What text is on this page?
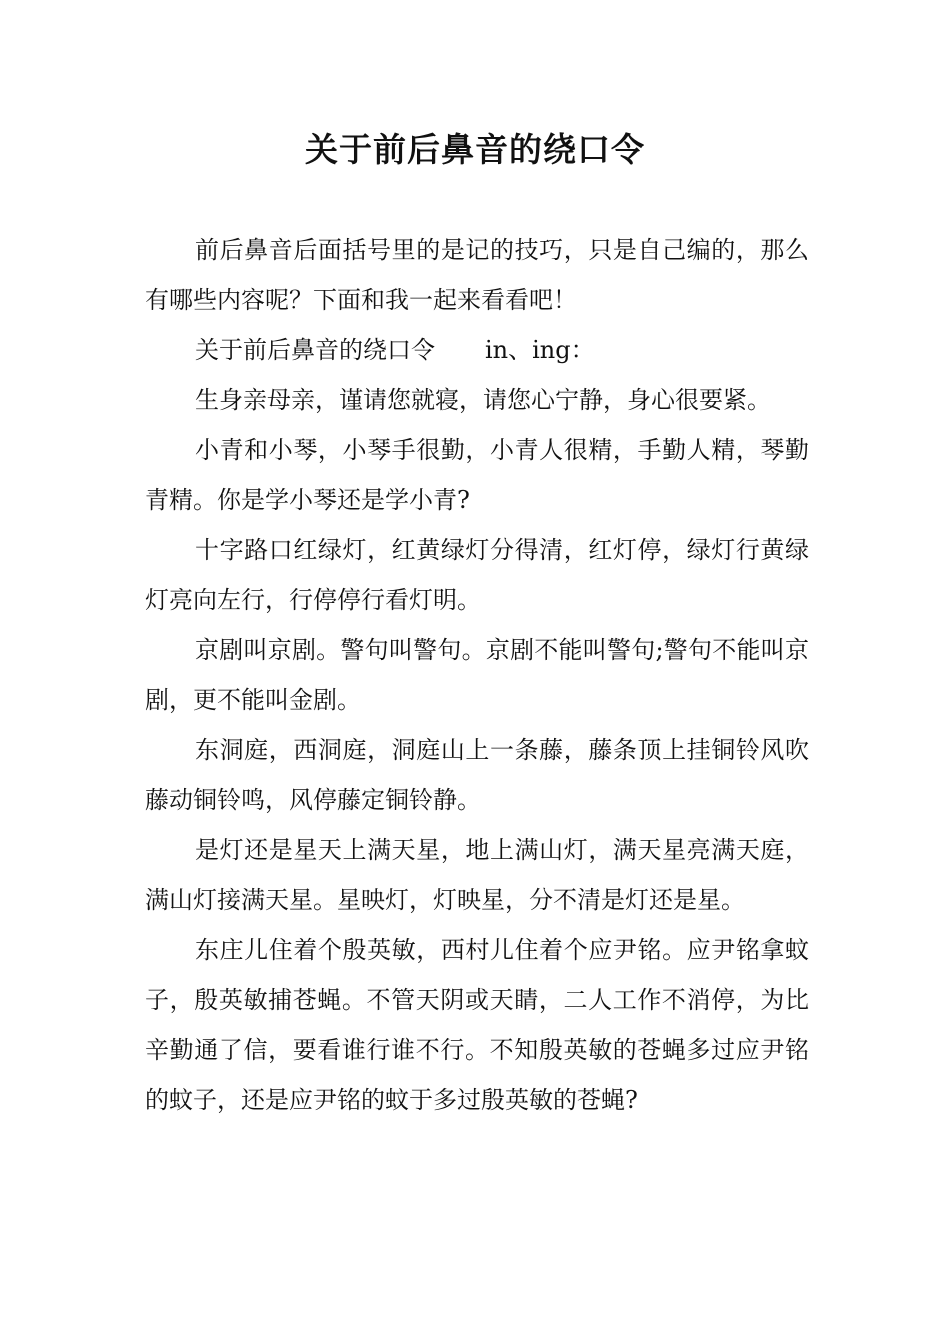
关于前后鼻音的绕口令

前后鼻音后面括号里的是记的技巧，只是自己编的，那么有哪些内容呢？下面和我一起来看看吧！

关于前后鼻音的绕口令 in、ing：

生身亲母亲，谨请您就寝，请您心宁静，身心很要紧。

小青和小琴，小琴手很勤，小青人很精，手勤人精，琴勤青精。你是学小琴还是学小青?

十字路口红绿灯，红黄绿灯分得清，红灯停，绿灯行黄绿灯亮向左行，行停停行看灯明。

京剧叫京剧。警句叫警句。京剧不能叫警句;警句不能叫京剧，更不能叫金剧。

东洞庭，西洞庭，洞庭山上一条藤，藤条顶上挂铜铃风吹藤动铜铃鸣，风停藤定铜铃静。

是灯还是星天上满天星，地上满山灯，满天星亮满天庭，满山灯接满天星。星映灯，灯映星，分不清是灯还是星。

东庄儿住着个殷英敏，西村儿住着个应尹铭。应尹铭拿蚊子，殷英敏捕苍蝇。不管天阴或天睛，二人工作不消停，为比辛勤通了信，要看谁行谁不行。不知殷英敏的苍蝇多过应尹铭的蚊子，还是应尹铭的蚊于多过殷英敏的苍蝇?
